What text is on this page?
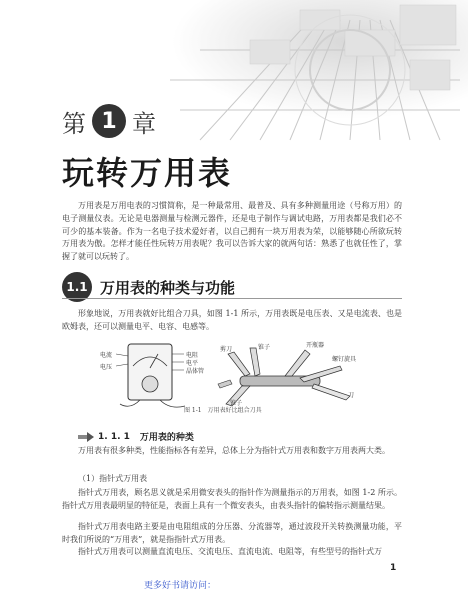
第 1 章
玩转万用表

万用表是万用电表的习惯简称，是一种最常用、最普及、具有多种测量用途（号称万用）的电子测量仪表。无论是电器测量与检测元器件，还是电子制作与调试电路，万用表都是我们必不可少的基本装备。作为一名电子技术爱好者，以自己拥有一块万用表为荣，以能够随心所欲玩转万用表为傲。怎样才能任性玩转万用表呢？我可以告诉大家的就两句话：熟悉了也就任性了，掌握了就可以玩转了。

1.1 万用表的种类与功能

形象地说，万用表就好比组合刀具，如图 1-1 所示，万用表既是电压表、又是电流表、也是欧姆表，还可以测量电平、电容、电感等。

电流
电压
电阻
电平
晶体管
剪刀	锥子	开瓶器
螺钉旋具
锥子
刀
图 1-1　万用表好比组合刀具
1. 1. 1 万用表的种类

万用表有很多种类，性能指标各有差异，总体上分为指针式万用表和数字万用表两大类。

（1）指针式万用表

指针式万用表，顾名思义就是采用微安表头的指针作为测量指示的万用表，如图 1-2 所示。指针式万用表最明显的特征是，表面上具有一个微安表头，由表头指针的偏转指示测量结果。

指针式万用表电路主要是由电阻组成的分压器、分流器等，通过波段开关转换测量功能，平时我们所说的“万用表”，就是指指针式万用表。

指针式万用表可以测量直流电压、交流电压、直流电流、电阻等，有些型号的指针式万

1
更多好书请访问：
